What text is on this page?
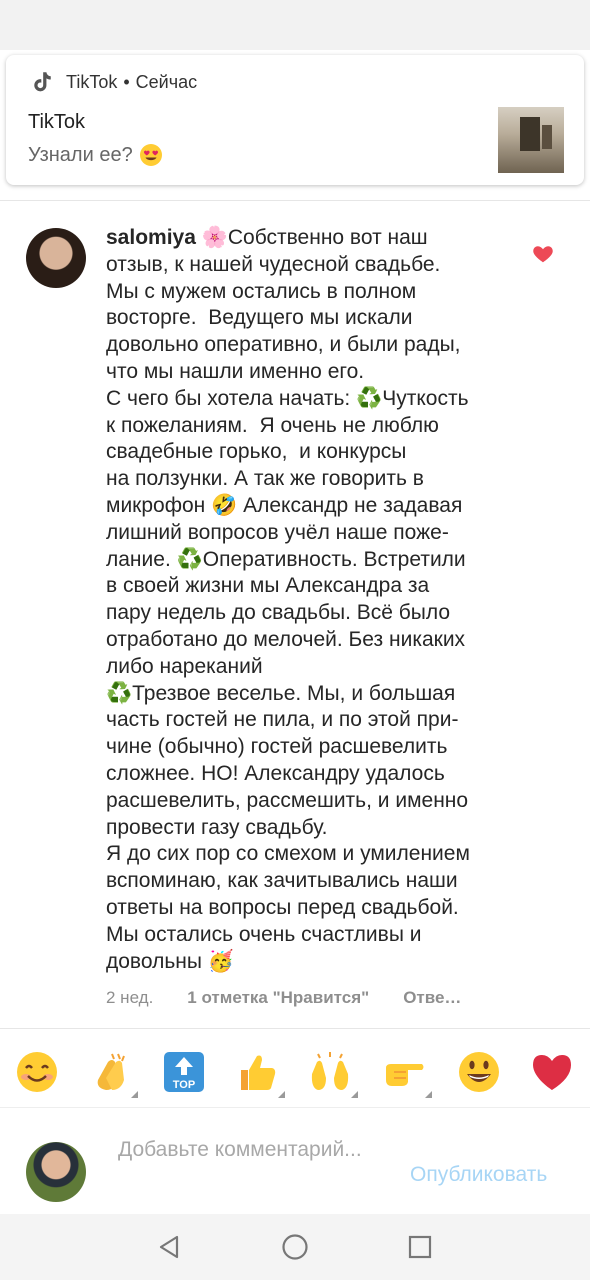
TikTok • Сейчас
TikTok
Узнали ее?
salomiya 🌸Собственно вот наш
отзыв, к нашей чудесной свадьбе.
Мы с мужем остались в полном
восторге.  Ведущего мы искали
довольно оперативно, и были рады,
что мы нашли именно его.
С чего бы хотела начать: ♻️Чуткость
к пожеланиям.  Я очень не люблю
свадебные горько,  и конкурсы
на ползунки. А так же говорить в
микрофон 🤣 Александр не задавая
лишний вопросов учёл наше поже-
лание. ♻️Оперативность. Встретили
в своей жизни мы Александра за
пару недель до свадьбы. Всё было
отработано до мелочей. Без никаких
либо нареканий
♻️Трезвое веселье. Мы, и большая
часть гостей не пила, и по этой при-
чине (обычно) гостей расшевелить
сложнее. НО! Александру удалось
расшевелить, рассмешить, и именно
провести газу свадьбу.
Я до сих пор со смехом и умилением
вспоминаю, как зачитывались наши
ответы на вопросы перед свадьбой.
Мы остались очень счастливы и
довольны 🥳
2 нед. 1 отметка "Нравится" Отве…
TOP
Добавьте комментарий...
Опубликовать
